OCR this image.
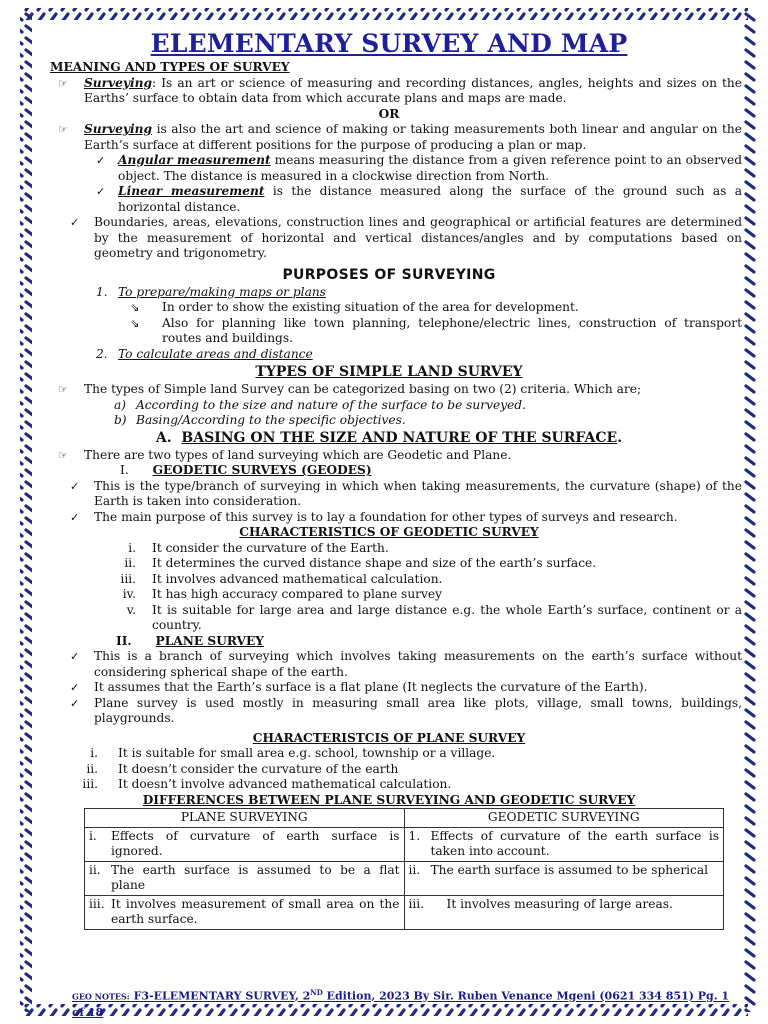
ELEMENTARY SURVEY AND MAP
MEANING AND TYPES OF SURVEY
☞ Surveying: Is an art or science of measuring and recording distances, angles, heights and sizes on the Earths’ surface to obtain data from which accurate plans and maps are made.
OR
☞ Surveying is also the art and science of making or taking measurements both linear and angular on the Earth’s surface at different positions for the purpose of producing a plan or map.
✓ Angular measurement means measuring the distance from a given reference point to an observed object. The distance is measured in a clockwise direction from North.
✓ Linear measurement is the distance measured along the surface of the ground such as a horizontal distance.
✓ Boundaries, areas, elevations, construction lines and geographical or artificial features are determined by the measurement of horizontal and vertical distances/angles and by computations based on geometry and trigonometry.
PURPOSES OF SURVEYING
1. To prepare/making maps or plans
⇘ In order to show the existing situation of the area for development.
⇘ Also for planning like town planning, telephone/electric lines, construction of transport routes and buildings.
2. To calculate areas and distance
TYPES OF SIMPLE LAND SURVEY
☞ The types of Simple land Survey can be categorized basing on two (2) criteria. Which are;
a) According to the size and nature of the surface to be surveyed.
b) Basing/According to the specific objectives.
A. BASING ON THE SIZE AND NATURE OF THE SURFACE.
☞ There are two types of land surveying which are Geodetic and Plane.
I. GEODETIC SURVEYS (GEODES)
✓ This is the type/branch of surveying in which when taking measurements, the curvature (shape) of the Earth is taken into consideration.
✓ The main purpose of this survey is to lay a foundation for other types of surveys and research.
CHARACTERISTICS OF GEODETIC SURVEY
i. It consider the curvature of the Earth.
ii. It determines the curved distance shape and size of the earth’s surface.
iii. It involves advanced mathematical calculation.
iv. It has high accuracy compared to plane survey
v. It is suitable for large area and large distance e.g. the whole Earth’s surface, continent or a country.
II. PLANE SURVEY
✓ This is a branch of surveying which involves taking measurements on the earth’s surface without considering spherical shape of the earth.
✓ It assumes that the Earth’s surface is a flat plane (It neglects the curvature of the Earth).
✓ Plane survey is used mostly in measuring small area like plots, village, small towns, buildings, playgrounds.
CHARACTERISTCIS OF PLANE SURVEY
i. It is suitable for small area e.g. school, township or a village.
ii. It doesn’t consider the curvature of the earth
iii. It doesn’t involve advanced mathematical calculation.
DIFFERENCES BETWEEN PLANE SURVEYING AND GEODETIC SURVEY
PLANE SURVEYING	GEODETIC SURVEYING

i. Effects of curvature of earth surface is ignored.	1. Effects of curvature of the earth surface is taken into account.

ii. The earth surface is assumed to be a flat plane	ii. The earth surface is assumed to be spherical

iii. It involves measurement of small area on the earth surface.	iii. It involves measuring of large areas.
GEO NOTES: F3-ELEMENTARY SURVEY, 2ND Edition, 2023 By Sir. Ruben Venance Mgeni (0621 334 851) Pg. 1 of 18
